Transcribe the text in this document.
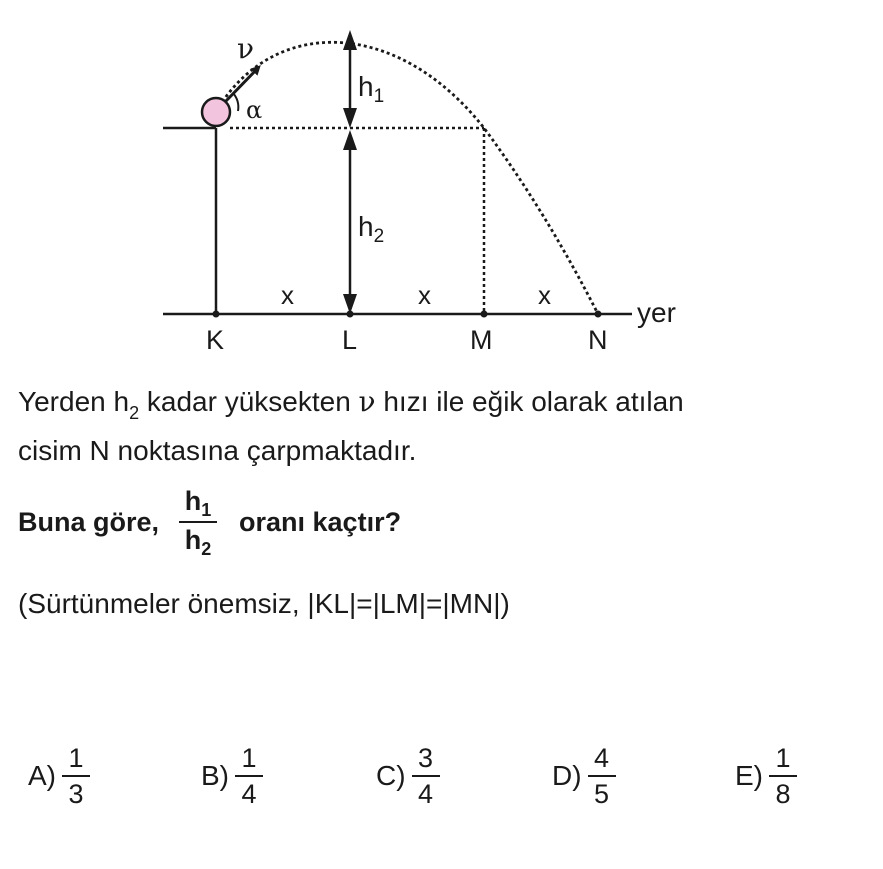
ν
α
$h_1$
$h_2$
x	x	x
K	L	M	N
yer
Yerden $h_2$ kadar yüksekten ν hızı ile eğik olarak atılan
cisim N noktasına çarpmaktadır.
Buna göre, $\frac{h_1}{h_2}$ oranı kaçtır?
(Sürtünmeler önemsiz, |KL|=|LM|=|MN|)
A)
1
3
B)
1
4
C)
3
4
D)
4
5
E)
1
8
